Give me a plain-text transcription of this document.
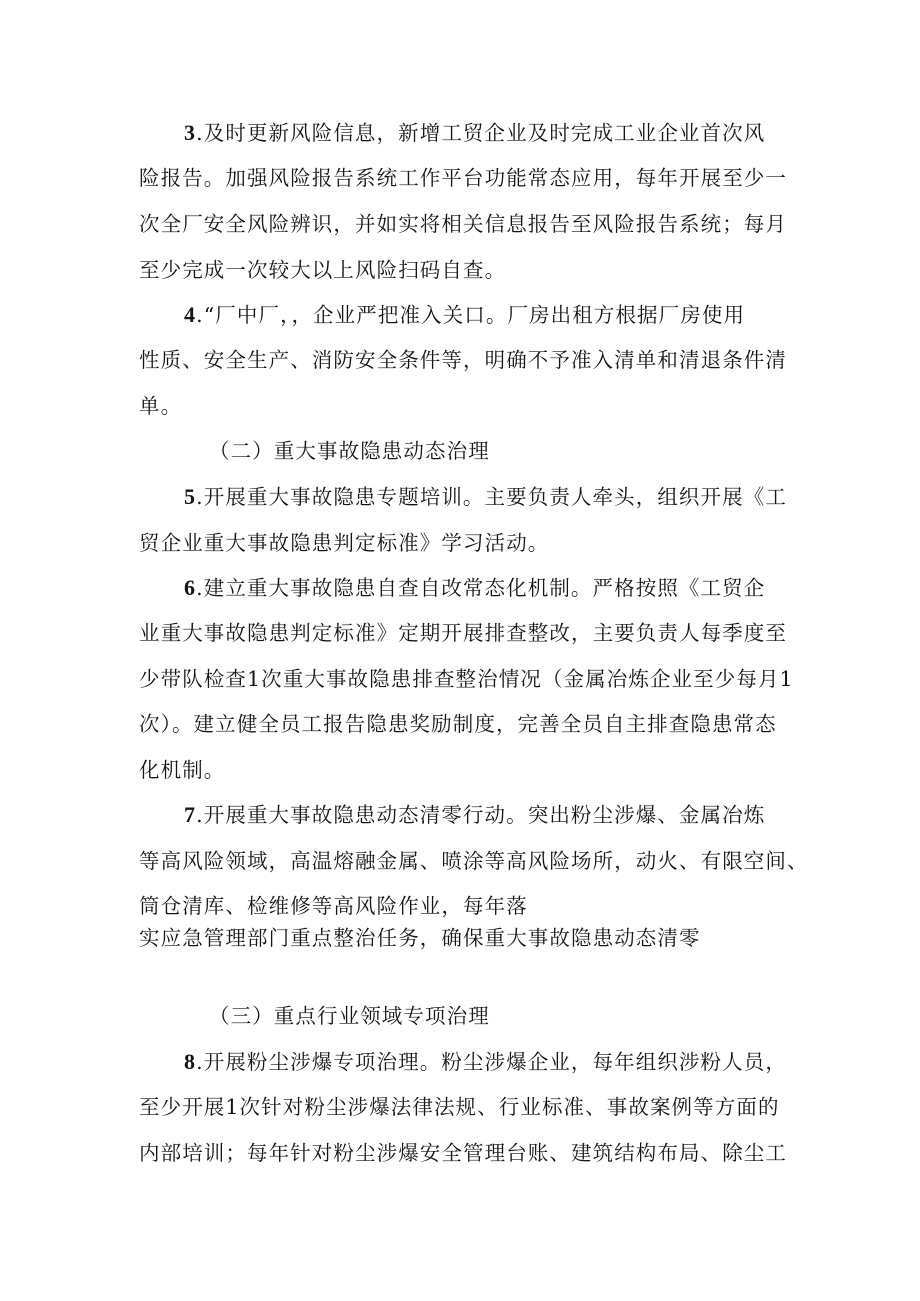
3.及时更新风险信息，新增工贸企业及时完成工业企业首次风
险报告。加强风险报告系统工作平台功能常态应用，每年开展至少一
次全厂安全风险辨识，并如实将相关信息报告至风险报告系统；每月
至少完成一次较大以上风险扫码自查。
4.“厂中厂，，企业严把准入关口。厂房出租方根据厂房使用
性质、安全生产、消防安全条件等，明确不予准入清单和清退条件清
单。
（二）重大事故隐患动态治理
5.开展重大事故隐患专题培训。主要负责人牵头，组织开展《工
贸企业重大事故隐患判定标准》学习活动。
6.建立重大事故隐患自查自改常态化机制。严格按照《工贸企
业重大事故隐患判定标准》定期开展排查整改，主要负责人每季度至
少带队检查1次重大事故隐患排查整治情况（金属冶炼企业至少每月1
次）。建立健全员工报告隐患奖励制度，完善全员自主排查隐患常态
化机制。
7.开展重大事故隐患动态清零行动。突出粉尘涉爆、金属冶炼
等高风险领域，高温熔融金属、喷涂等高风险场所，动火、有限空间、
筒仓清库、检维修等高风险作业，每年落
实应急管理部门重点整治任务，确保重大事故隐患动态清零
（三）重点行业领域专项治理
8.开展粉尘涉爆专项治理。粉尘涉爆企业，每年组织涉粉人员，
至少开展1次针对粉尘涉爆法律法规、行业标准、事故案例等方面的
内部培训；每年针对粉尘涉爆安全管理台账、建筑结构布局、除尘工
